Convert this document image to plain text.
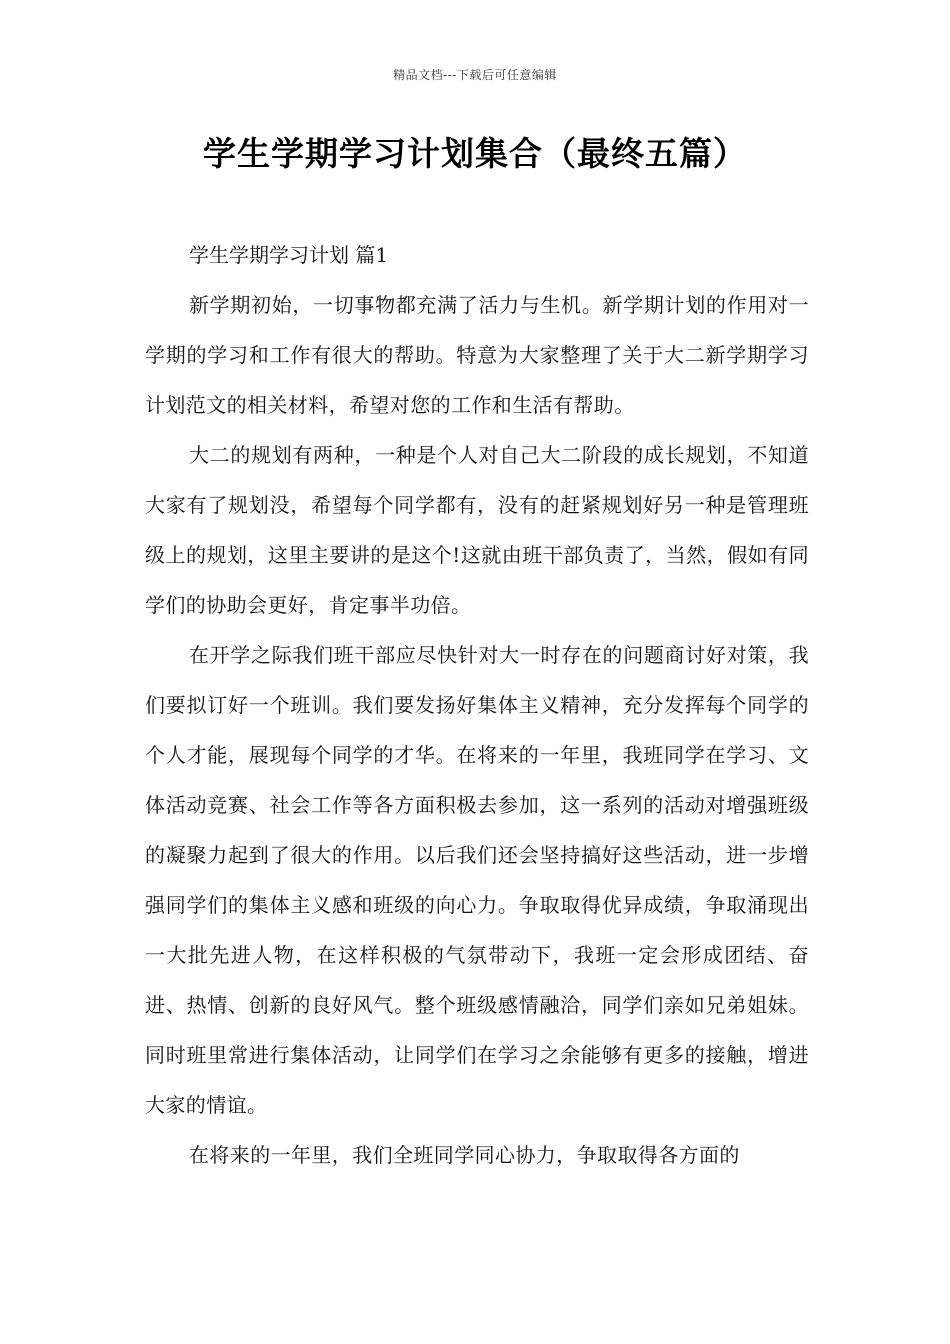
精品文档---下载后可任意编辑
学生学期学习计划集合（最终五篇）

学生学期学习计划 篇1

新学期初始，一切事物都充满了活力与生机。新学期计划的作用对一学期的学习和工作有很大的帮助。特意为大家整理了关于大二新学期学习计划范文的相关材料，希望对您的工作和生活有帮助。

大二的规划有两种，一种是个人对自己大二阶段的成长规划，不知道大家有了规划没，希望每个同学都有，没有的赶紧规划好另一种是管理班级上的规划，这里主要讲的是这个!这就由班干部负责了，当然，假如有同学们的协助会更好，肯定事半功倍。

在开学之际我们班干部应尽快针对大一时存在的问题商讨好对策，我们要拟订好一个班训。我们要发扬好集体主义精神，充分发挥每个同学的个人才能，展现每个同学的才华。在将来的一年里，我班同学在学习、文体活动竞赛、社会工作等各方面积极去参加，这一系列的活动对增强班级的凝聚力起到了很大的作用。以后我们还会坚持搞好这些活动，进一步增强同学们的集体主义感和班级的向心力。争取取得优异成绩，争取涌现出一大批先进人物，在这样积极的气氛带动下，我班一定会形成团结、奋进、热情、创新的良好风气。整个班级感情融洽，同学们亲如兄弟姐妹。同时班里常进行集体活动，让同学们在学习之余能够有更多的接触，增进大家的情谊。

在将来的一年里，我们全班同学同心协力，争取取得各方面的
